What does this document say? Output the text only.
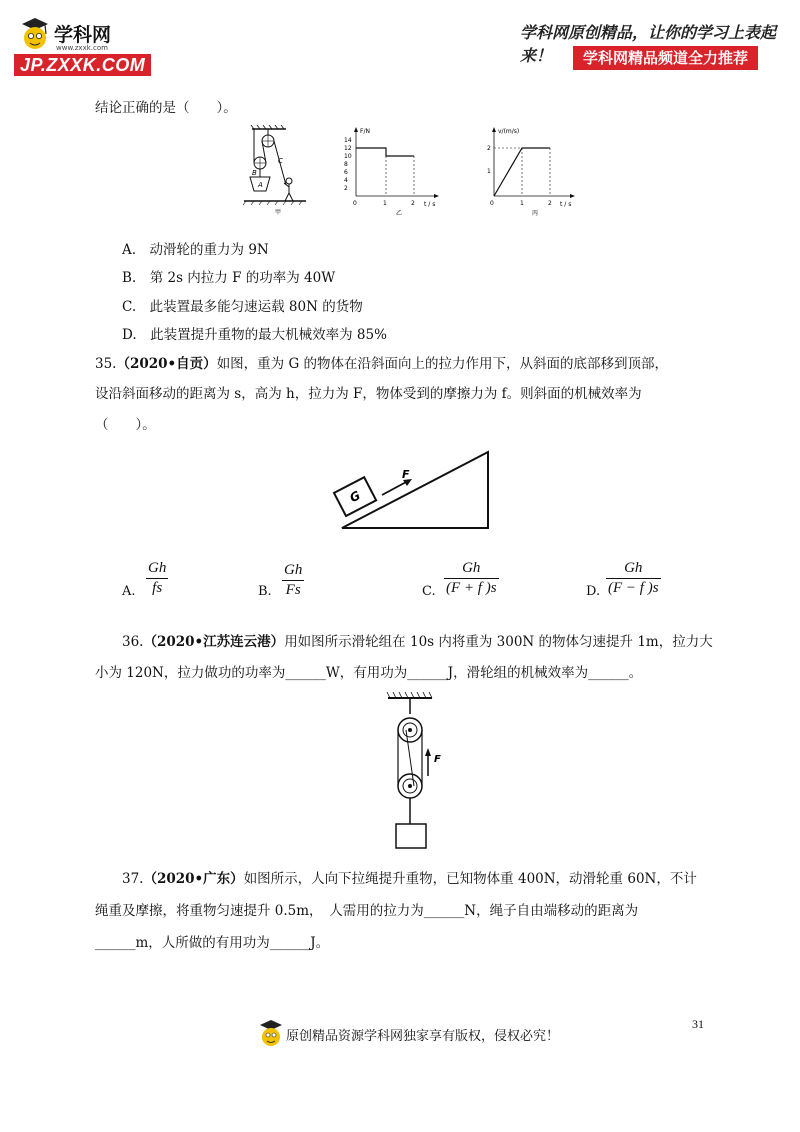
学科网
www.zxxk.com
JP.ZXXK.COM
学科网原创精品，让你的学习上表起来！	学科网精品频道全力推荐
结论正确的是（　　）。
C
B
A
甲
F/N
t / s
14
12
10
8
6
4
2
0	1	2
乙
v/(m/s)
t / s
2
1
0	1	2
丙
A.　动滑轮的重力为 9N
B.　第 2s 内拉力 F 的功率为 40W
C.　此装置最多能匀速运载 80N 的货物
D.　此装置提升重物的最大机械效率为 85%
35.（2020•自贡）如图，重为 G 的物体在沿斜面向上的拉力作用下，从斜面的底部移到顶部，
设沿斜面移动的距离为 s，高为 h，拉力为 F，物体受到的摩擦力为 f。则斜面的机械效率为
（　　）。
G
F
A.
Gh
fs	B.
Gh
Fs	C.
Gh
(F + f )s	D.
Gh
(F − f )s
36.（2020•江苏连云港）用如图所示滑轮组在 10s 内将重为 300N 的物体匀速提升 1m，拉力大
小为 120N，拉力做功的功率为______W，有用功为______J，滑轮组的机械效率为______。
F
37.（2020•广东）如图所示，人向下拉绳提升重物，已知物体重 400N，动滑轮重 60N，不计
绳重及摩擦，将重物匀速提升 0.5m，　人需用的拉力为______N，绳子自由端移动的距离为
______m，人所做的有用功为______J。
31
原创精品资源学科网独家享有版权，侵权必究！
